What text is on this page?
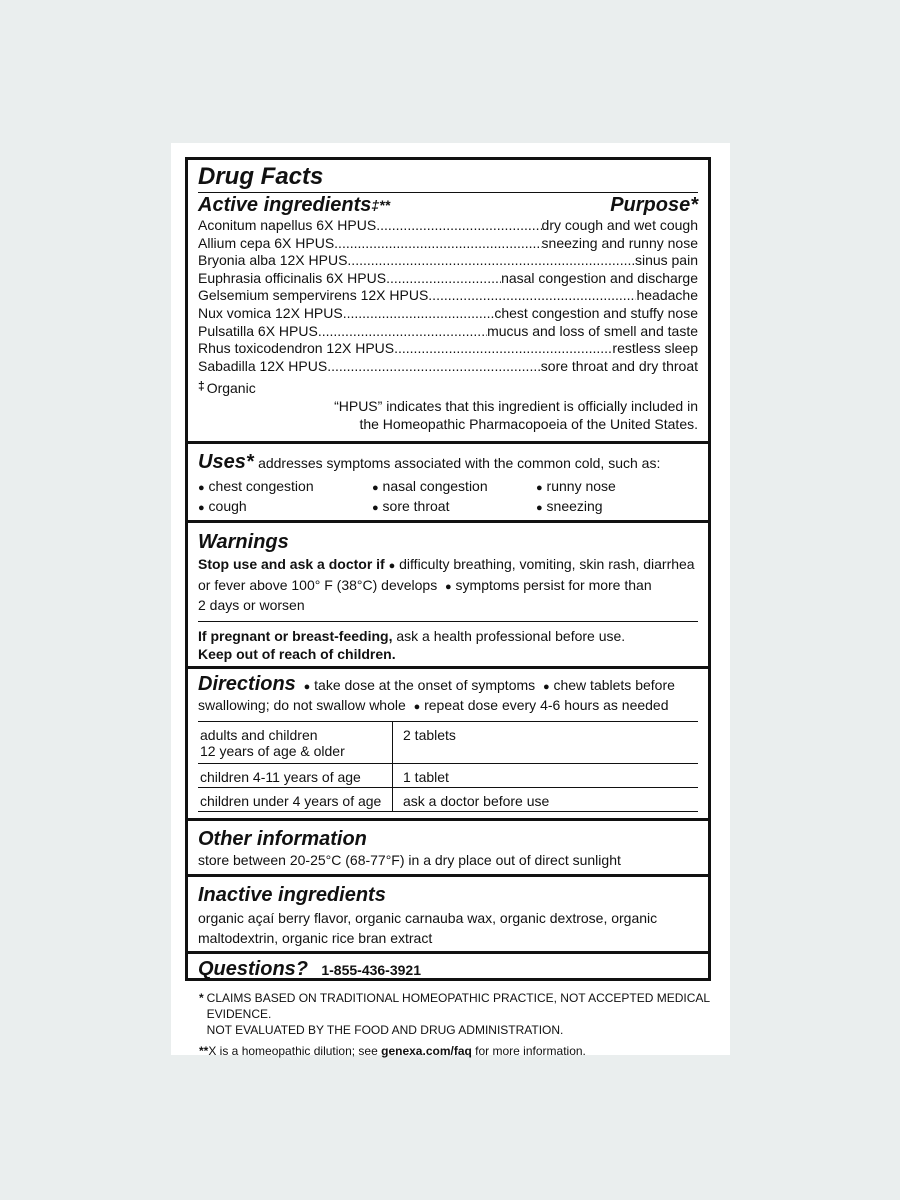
Drug Facts
Active ingredients‡**	Purpose*
Aconitum napellus 6X HPUS .....	dry cough and wet cough
Allium cepa 6X HPUS .....	sneezing and runny nose
Bryonia alba 12X HPUS .....	sinus pain
Euphrasia officinalis 6X HPUS .....	nasal congestion and discharge
Gelsemium sempervirens 12X HPUS .....	headache
Nux vomica 12X HPUS .....	chest congestion and stuffy nose
Pulsatilla 6X HPUS .....	mucus and loss of smell and taste
Rhus toxicodendron 12X HPUS .....	restless sleep
Sabadilla 12X HPUS .....	sore throat and dry throat
‡ Organic
“HPUS” indicates that this ingredient is officially included in
the Homeopathic Pharmacopoeia of the United States.
Uses* addresses symptoms associated with the common cold, such as:
● chest congestion
● cough
● nasal congestion
● sore throat
● runny nose
● sneezing
Warnings
Stop use and ask a doctor if ● difficulty breathing, vomiting, skin rash, diarrhea
or fever above 100° F (38°C) develops ● symptoms persist for more than
2 days or worsen
If pregnant or breast-feeding, ask a health professional before use.
Keep out of reach of children.
Directions ● take dose at the onset of symptoms ● chew tablets before
swallowing; do not swallow whole ● repeat dose every 4-6 hours as needed
adults and children
12 years of age & older	2 tablets

children 4-11 years of age	1 tablet

children under 4 years of age	ask a doctor before use
Other information
store between 20-25°C (68-77°F) in a dry place out of direct sunlight
Inactive ingredients
organic açaí berry flavor, organic carnauba wax, organic dextrose, organic
maltodextrin, organic rice bran extract
Questions? 1-855-436-3921
* CLAIMS BASED ON TRADITIONAL HOMEOPATHIC PRACTICE, NOT ACCEPTED MEDICAL EVIDENCE.
NOT EVALUATED BY THE FOOD AND DRUG ADMINISTRATION.
**X is a homeopathic dilution; see genexa.com/faq for more information.
